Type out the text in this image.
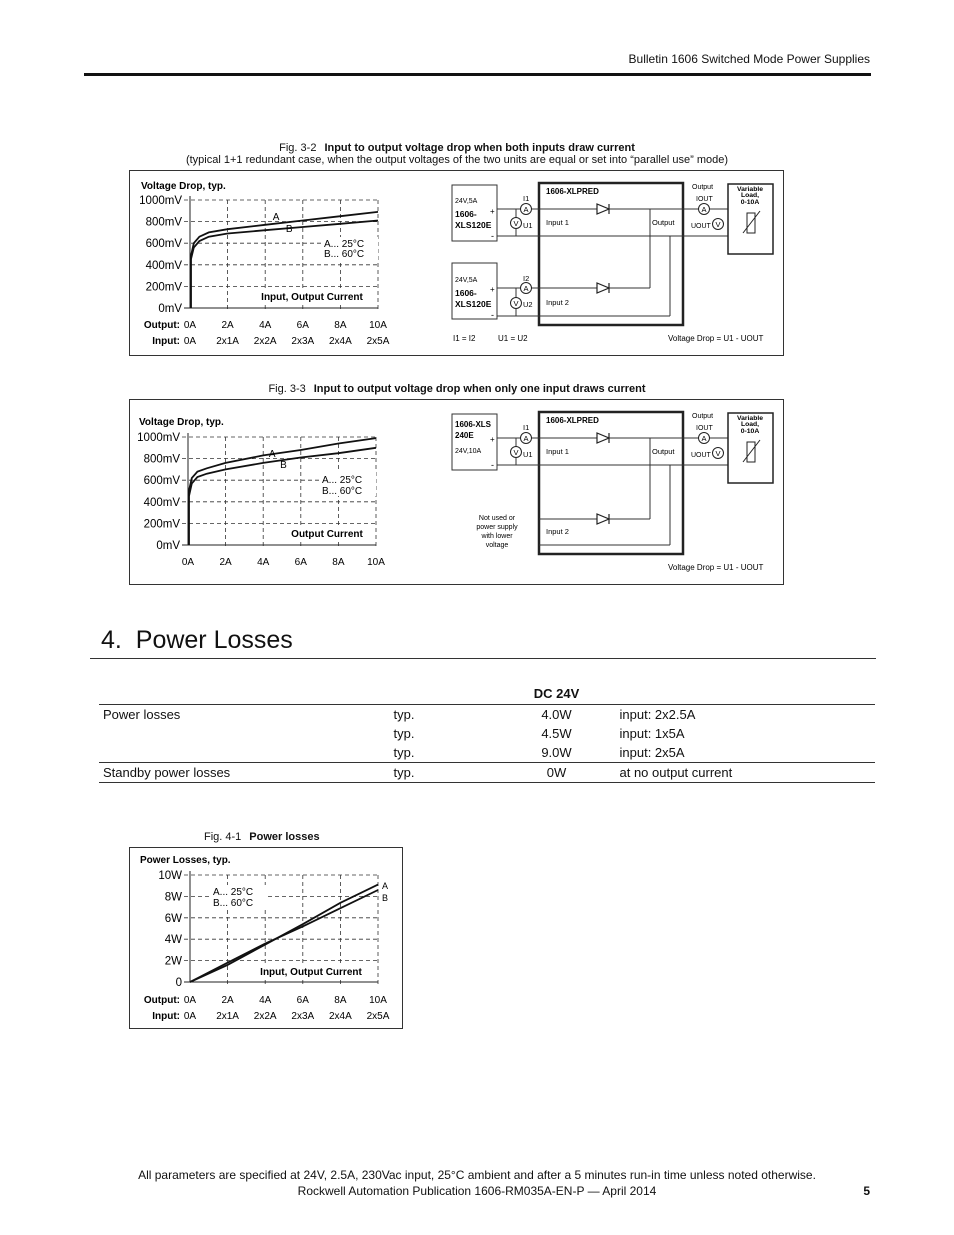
Bulletin 1606 Switched Mode Power Supplies
Fig. 3-2 Input to output voltage drop when both inputs draw current
(typical 1+1 redundant case, when the output voltages of the two units are equal or set into “parallel use” mode)
Voltage Drop, typ.
1000mV
800mV
600mV
400mV
200mV
0mV
0A
0A
2A
2x1A
4A
2x2A
6A
2x3A
8A
2x4A
10A
2x5A
A
B
Input, Output Current
A... 25°C
B... 60°C
Output:
Input:
24V,5A
1606-
XLS120E
24V,5A
1606-
XLS120E
+
-
+
-
1606-XLPRED
Input 1
Input 2
Output
A
V
A
V
I1
I2
U1
U2
A
V
Output
IOUT
UOUT
Variable
Load,
0-10A
I1 = I2	U1 = U2	Voltage Drop = U1 - UOUT
Fig. 3-3 Input to output voltage drop when only one input draws current
Voltage Drop, typ.
1000mV
800mV
600mV
400mV
200mV
0mV
0A	2A	4A	6A	8A 10A
A
B
Output Current
A... 25°C
B... 60°C
1606-XLS
240E
24V,10A
+
-
1606-XLPRED
Input 1
Input 2
Output
A
V
I1
U1
A
V
Output
IOUT
UOUT
Variable
Load,
0-10A
Not used or
power supply
with lower
voltage
Voltage Drop = U1 - UOUT
4. Power Losses
		DC 24V	
Power losses	typ.	4.0W	input: 2x2.5A
	typ.	4.5W	input: 1x5A
	typ.	9.0W	input: 2x5A
Standby power losses	typ.	0W	at no output current
Fig. 4-1 Power losses
Power Losses, typ.
10W
8W
6W
4W
2W
0
0A
0A
2A
2x1A
4A
2x2A
6A
2x3A
8A
2x4A
10A
2x5A
A
B
Input, Output Current
A... 25°C
B... 60°C
Output:
Input:
All parameters are specified at 24V, 2.5A, 230Vac input, 25°C ambient and after a 5 minutes run-in time unless noted otherwise.
Rockwell Automation Publication 1606-RM035A-EN-P — April 2014	5
